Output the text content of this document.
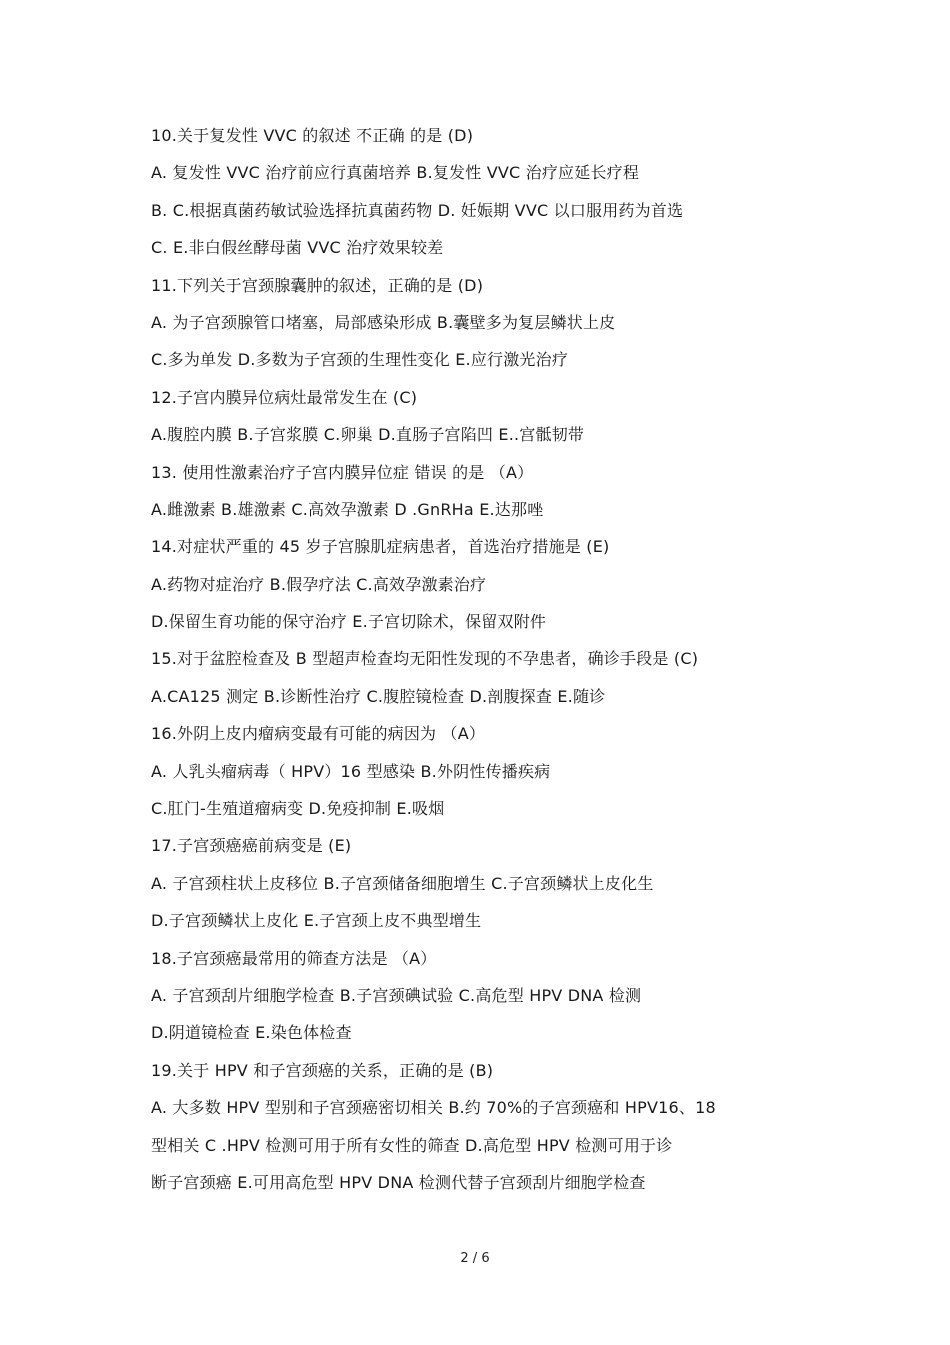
10.关于复发性 VVC 的叙述 不正确 的是 (D)
A. 复发性 VVC 治疗前应行真菌培养 B.复发性 VVC 治疗应延长疗程
B. C.根据真菌药敏试验选择抗真菌药物 D. 妊娠期 VVC 以口服用药为首选
C. E.非白假丝酵母菌 VVC 治疗效果较差
11.下列关于宫颈腺囊肿的叙述，正确的是 (D)
A. 为子宫颈腺管口堵塞，局部感染形成 B.囊壁多为复层鳞状上皮
C.多为单发 D.多数为子宫颈的生理性变化 E.应行激光治疗
12.子宫内膜异位病灶最常发生在 (C)
A.腹腔内膜 B.子宫浆膜 C.卵巢 D.直肠子宫陷凹 E..宫骶韧带
13. 使用性激素治疗子宫内膜异位症 错误 的是 （A）
A.雌激素 B.雄激素 C.高效孕激素 D .GnRHa E.达那唑
14.对症状严重的 45 岁子宫腺肌症病患者，首选治疗措施是 (E)
A.药物对症治疗 B.假孕疗法 C.高效孕激素治疗
D.保留生育功能的保守治疗 E.子宫切除术，保留双附件
15.对于盆腔检查及 B 型超声检查均无阳性发现的不孕患者，确诊手段是 (C)
A.CA125 测定 B.诊断性治疗 C.腹腔镜检查 D.剖腹探查 E.随诊
16.外阴上皮内瘤病变最有可能的病因为 （A）
A. 人乳头瘤病毒（ HPV）16 型感染 B.外阴性传播疾病
C.肛门-生殖道瘤病变 D.免疫抑制 E.吸烟
17.子宫颈癌癌前病变是 (E)
A. 子宫颈柱状上皮移位 B.子宫颈储备细胞增生 C.子宫颈鳞状上皮化生
D.子宫颈鳞状上皮化 E.子宫颈上皮不典型增生
18.子宫颈癌最常用的筛查方法是 （A）
A. 子宫颈刮片细胞学检查 B.子宫颈碘试验 C.高危型 HPV DNA 检测
D.阴道镜检查 E.染色体检查
19.关于 HPV 和子宫颈癌的关系，正确的是 (B)
A. 大多数 HPV 型别和子宫颈癌密切相关 B.约 70%的子宫颈癌和 HPV16、18
型相关 C .HPV 检测可用于所有女性的筛查 D.高危型 HPV 检测可用于诊
断子宫颈癌 E.可用高危型 HPV DNA 检测代替子宫颈刮片细胞学检查
2 / 6
